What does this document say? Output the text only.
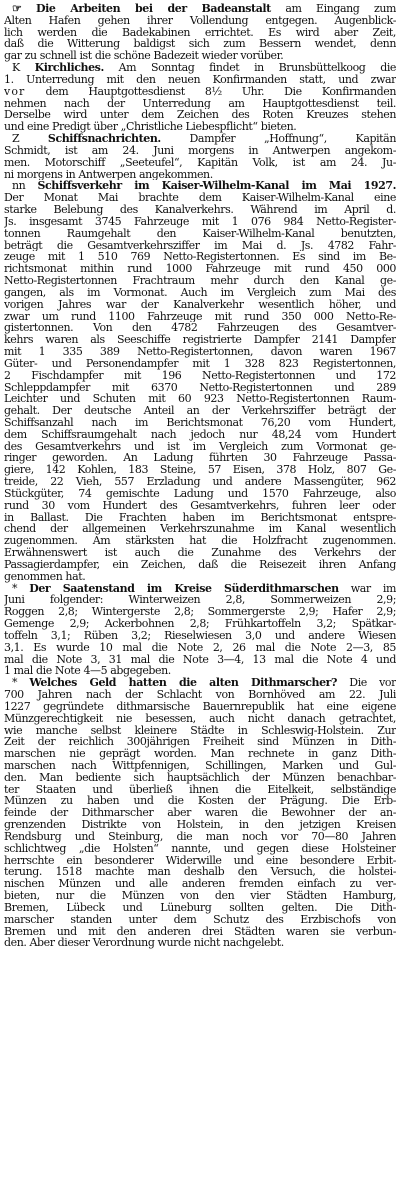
☞ Die Arbeiten bei der Badeanstalt am Eingang zum
Alten Hafen gehen ihrer Vollendung entgegen. Augenblick-
lich werden die Badekabinen errichtet. Es wird aber Zeit,
daß die Witterung baldigst sich zum Bessern wendet, denn
gar zu schnell ist die schöne Badezeit wieder vorüber.
K Kirchliches. Am Sonntag findet in Brunsbüttelkoog die
1. Unterredung mit den neuen Konfirmanden statt, und zwar
vor dem Hauptgottesdienst 8½ Uhr. Die Konfirmanden
nehmen nach der Unterredung am Hauptgottesdienst teil.
Derselbe wird unter dem Zeichen des Roten Kreuzes stehen
und eine Predigt über „Christliche Liebespflicht“ bieten.
Z Schiffsnachrichten. Dampfer „Hoffnung“, Kapitän
Schmidt, ist am 24. Juni morgens in Antwerpen angekom-
men. Motorschiff „Seeteufel“, Kapitän Volk, ist am 24. Ju-
ni morgens in Antwerpen angekommen.
nn Schiffsverkehr im Kaiser-Wilhelm-Kanal im Mai 1927.
Der Monat Mai brachte dem Kaiser-Wilhelm-Kanal eine
starke Belebung des Kanalverkehrs. Während im April d.
Js. insgesamt 3745 Fahrzeuge mit 1 076 984 Netto-Register-
tonnen Raumgehalt den Kaiser-Wilhelm-Kanal benutzten,
beträgt die Gesamtverkehrsziffer im Mai d. Js. 4782 Fahr-
zeuge mit 1 510 769 Netto-Registertonnen. Es sind im Be-
richtsmonat mithin rund 1000 Fahrzeuge mit rund 450 000
Netto-Registertonnen Frachtraum mehr durch den Kanal ge-
gangen, als im Vormonat. Auch im Vergleich zum Mai des
vorigen Jahres war der Kanalverkehr wesentlich höher, und
zwar um rund 1100 Fahrzeuge mit rund 350 000 Netto-Re-
gistertonnen. Von den 4782 Fahrzeugen des Gesamtver-
kehrs waren als Seeschiffe registrierte Dampfer 2141 Dampfer
mit 1 335 389 Netto-Registertonnen, davon waren 1967
Güter- und Personendampfer mit 1 328 823 Registertonnen,
2 Fischdampfer mit 196 Netto-Registertonnen und 172
Schleppdampfer mit 6370 Netto-Registertonnen und 289
Leichter und Schuten mit 60 923 Netto-Registertonnen Raum-
gehalt. Der deutsche Anteil an der Verkehrsziffer beträgt der
Schiffsanzahl nach im Berichtsmonat 76,20 vom Hundert,
dem Schiffsraumgehalt nach jedoch nur 48,24 vom Hundert
des Gesamtverkehrs und ist im Vergleich zum Vormonat ge-
ringer geworden. An Ladung führten 30 Fahrzeuge Passa-
giere, 142 Kohlen, 183 Steine, 57 Eisen, 378 Holz, 807 Ge-
treide, 22 Vieh, 557 Erzladung und andere Massengüter, 962
Stückgüter, 74 gemischte Ladung und 1570 Fahrzeuge, also
rund 30 vom Hundert des Gesamtverkehrs, fuhren leer oder
in Ballast. Die Frachten haben im Berichtsmonat entspre-
chend der allgemeinen Verkehrszunahme im Kanal wesentlich
zugenommen. Am stärksten hat die Holzfracht zugenommen.
Erwähnenswert ist auch die Zunahme des Verkehrs der
Passagierdampfer, ein Zeichen, daß die Reisezeit ihren Anfang
genommen hat.
* Der Saatenstand im Kreise Süderdithmarschen war im
Juni folgender: Winterweizen 2,8, Sommerweizen 2,9;
Roggen 2,8; Wintergerste 2,8; Sommergerste 2,9; Hafer 2,9;
Gemenge 2,9; Ackerbohnen 2,8; Frühkartoffeln 3,2; Spätkar-
toffeln 3,1; Rüben 3,2; Rieselwiesen 3,0 und andere Wiesen
3,1. Es wurde 10 mal die Note 2, 26 mal die Note 2—3, 85
mal die Note 3, 31 mal die Note 3—4, 13 mal die Note 4 und
1 mal die Note 4—5 abgegeben.
* Welches Geld hatten die alten Dithmarscher? Die vor
700 Jahren nach der Schlacht von Bornhöved am 22. Juli
1227 gegründete dithmarsische Bauernrepublik hat eine eigene
Münzgerechtigkeit nie besessen, auch nicht danach getrachtet,
wie manche selbst kleinere Städte in Schleswig-Holstein. Zur
Zeit der reichlich 300jährigen Freiheit sind Münzen in Dith-
marschen nie geprägt worden. Man rechnete in ganz Dith-
marschen nach Wittpfennigen, Schillingen, Marken und Gul-
den. Man bediente sich hauptsächlich der Münzen benachbar-
ter Staaten und überließ ihnen die Eitelkeit, selbständige
Münzen zu haben und die Kosten der Prägung. Die Erb-
feinde der Dithmarscher aber waren die Bewohner der an-
grenzenden Distrikte von Holstein, in den jetzigen Kreisen
Rendsburg und Steinburg, die man noch vor 70—80 Jahren
schlichtweg „die Holsten“ nannte, und gegen diese Holsteiner
herrschte ein besonderer Widerwille und eine besondere Erbit-
terung. 1518 machte man deshalb den Versuch, die holstei-
nischen Münzen und alle anderen fremden einfach zu ver-
bieten, nur die Münzen von den vier Städten Hamburg,
Bremen, Lübeck und Lüneburg sollten gelten. Die Dith-
marscher standen unter dem Schutz des Erzbischofs von
Bremen und mit den anderen drei Städten waren sie verbun-
den. Aber dieser Verordnung wurde nicht nachgelebt.
